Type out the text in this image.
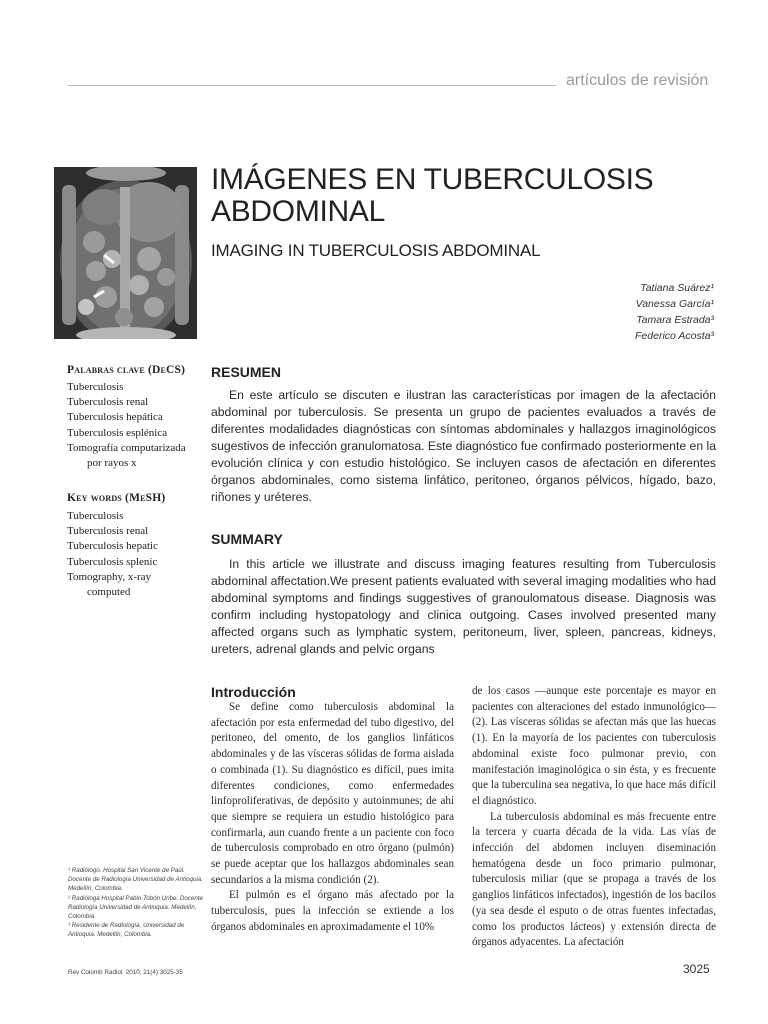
artículos de revisión
IMÁGENES EN TUBERCULOSIS
ABDOMINAL
IMAGING IN TUBERCULOSIS ABDOMINAL
Tatiana Suárez¹
Vanessa García¹
Tamara Estrada³
Federico Acosta³
Palabras clave (DeCS)
Tuberculosis
Tuberculosis renal
Tuberculosis hepática
Tuberculosis esplénica
Tomografía computarizada
por rayos x
Key words (MeSH)
Tuberculosis
Tuberculosis renal
Tuberculosis hepatic
Tuberculosis splenic
Tomography, x-ray
computed
RESUMEN
En este artículo se discuten e ilustran las características por imagen de la afectación abdominal por tuberculosis. Se presenta un grupo de pacientes evaluados a través de diferentes modalidades diagnósticas con síntomas abdominales y hallazgos imaginológicos sugestivos de infección granulomatosa. Este diagnóstico fue confirmado posteriormente en la evolución clínica y con estudio histológico. Se incluyen casos de afectación en diferentes órganos abdominales, como sistema linfático, peritoneo, órganos pélvicos, hígado, bazo, riñones y uréteres.
SUMMARY
In this article we illustrate and discuss imaging features resulting from Tuberculosis abdominal affectation.We present patients evaluated with several imaging modalities who had abdominal symptoms and findings suggestives of granoulomatous disease. Diagnosis was confirm including hystopatology and clinica outgoing. Cases involved presented many affected organs such as lymphatic system, peritoneum, liver, spleen, pancreas, kidneys, ureters, adrenal glands and pelvic organs
Introducción

Se define como tuberculosis abdominal la afectación por esta enfermedad del tubo digestivo, del peritoneo, del omento, de los ganglios linfáticos abdominales y de las vísceras sólidas de forma aislada o combinada (1). Su diagnóstico es difícil, pues imita diferentes condiciones, como enfermedades linfoproliferativas, de depósito y autoinmunes; de ahí que siempre se requiera un estudio histológico para confirmarla, aun cuando frente a un paciente con foco de tuberculosis comprobado en otro órgano (pulmón) se puede aceptar que los hallazgos abdominales sean secundarios a la misma condición (2).

El pulmón es el órgano más afectado por la tuberculosis, pues la infección se extiende a los órganos abdominales en aproximadamente el 10%

de los casos —aunque este porcentaje es mayor en pacientes con alteraciones del estado inmunológico— (2). Las vísceras sólidas se afectan más que las huecas (1). En la mayoría de los pacientes con tuberculosis abdominal existe foco pulmonar previo, con manifestación imaginológica o sin ésta, y es frecuente que la tuberculina sea negativa, lo que hace más difícil el diagnóstico.

La tuberculosis abdominal es más frecuente entre la tercera y cuarta década de la vida. Las vías de infección del abdomen incluyen diseminación hematógena desde un foco primario pulmonar, tuberculosis miliar (que se propaga a través de los ganglios linfáticos infectados), ingestión de los bacilos (ya sea desde el esputo o de otras fuentes infectadas, como los productos lácteos) y extensión directa de órganos adyacentes. La afectación

¹ Radiólogo. Hospital San Vicente de Paúl. Docente de Radiología Universidad de Antioquia. Medellín, Colombia.
² Radióloga Hospital Pablo Tobón Uribe. Docente Radiología Universidad de Antioquia. Medellín, Colombia.
³ Residente de Radiología, Universidad de Antioquia. Medellín, Colombia.
Rev Colomb Radiol. 2010; 21(4):3025-35	3025
